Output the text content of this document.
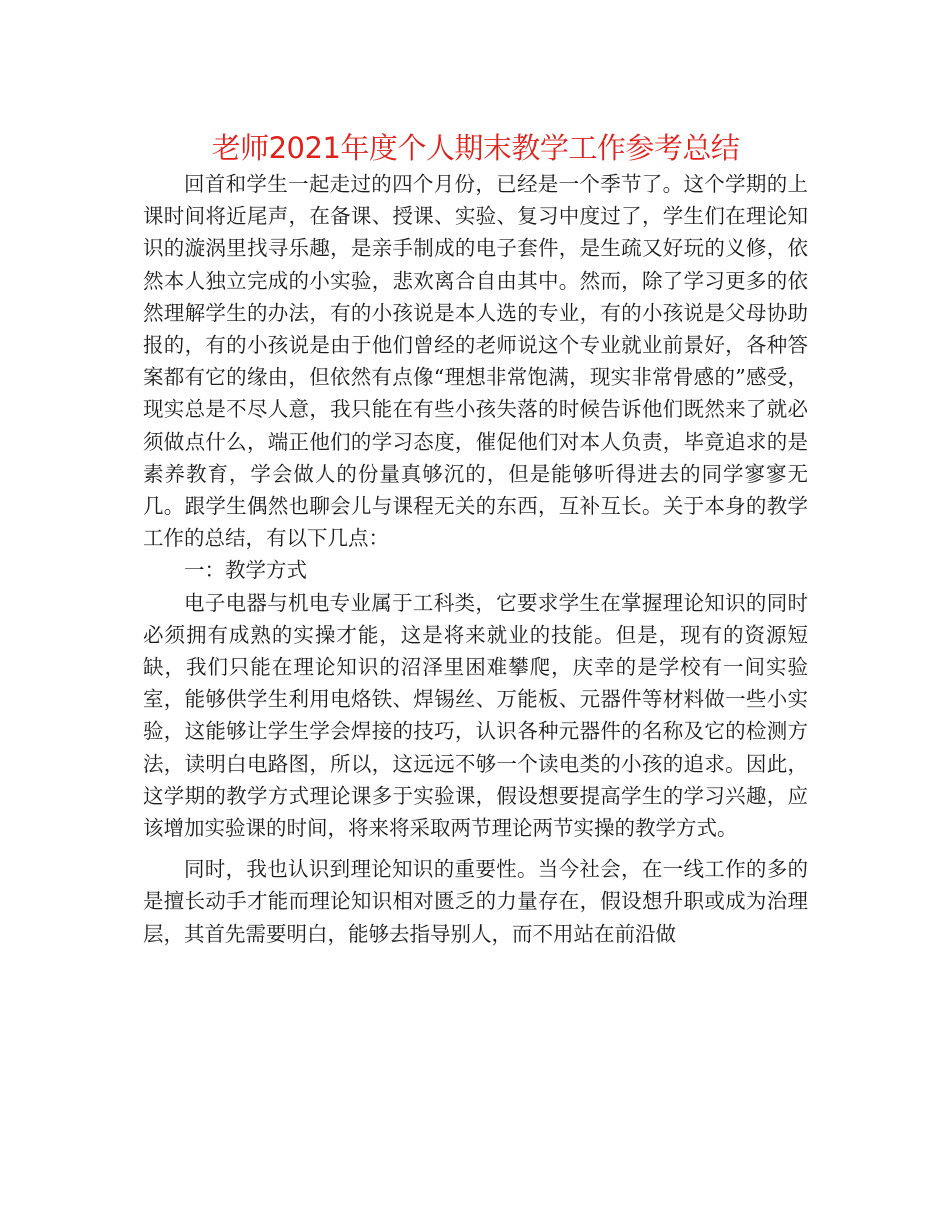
老师2021年度个人期末教学工作参考总结

回首和学生一起走过的四个月份，已经是一个季节了。这个学期的上课时间将近尾声，在备课、授课、实验、复习中度过了，学生们在理论知识的漩涡里找寻乐趣，是亲手制成的电子套件，是生疏又好玩的义修，依然本人独立完成的小实验，悲欢离合自由其中。然而，除了学习更多的依然理解学生的办法，有的小孩说是本人选的专业，有的小孩说是父母协助报的，有的小孩说是由于他们曾经的老师说这个专业就业前景好，各种答案都有它的缘由，但依然有点像“理想非常饱满，现实非常骨感的”感受，现实总是不尽人意，我只能在有些小孩失落的时候告诉他们既然来了就必须做点什么，端正他们的学习态度，催促他们对本人负责，毕竟追求的是素养教育，学会做人的份量真够沉的，但是能够听得进去的同学寥寥无几。跟学生偶然也聊会儿与课程无关的东西，互补互长。关于本身的教学工作的总结，有以下几点：

一：教学方式

电子电器与机电专业属于工科类，它要求学生在掌握理论知识的同时必须拥有成熟的实操才能，这是将来就业的技能。但是，现有的资源短缺，我们只能在理论知识的沼泽里困难攀爬，庆幸的是学校有一间实验室，能够供学生利用电烙铁、焊锡丝、万能板、元器件等材料做一些小实验，这能够让学生学会焊接的技巧，认识各种元器件的名称及它的检测方法，读明白电路图，所以，这远远不够一个读电类的小孩的追求。因此，这学期的教学方式理论课多于实验课，假设想要提高学生的学习兴趣，应该增加实验课的时间，将来将采取两节理论两节实操的教学方式。

同时，我也认识到理论知识的重要性。当今社会，在一线工作的多的是擅长动手才能而理论知识相对匮乏的力量存在，假设想升职或成为治理层，其首先需要明白，能够去指导别人，而不用站在前沿做
